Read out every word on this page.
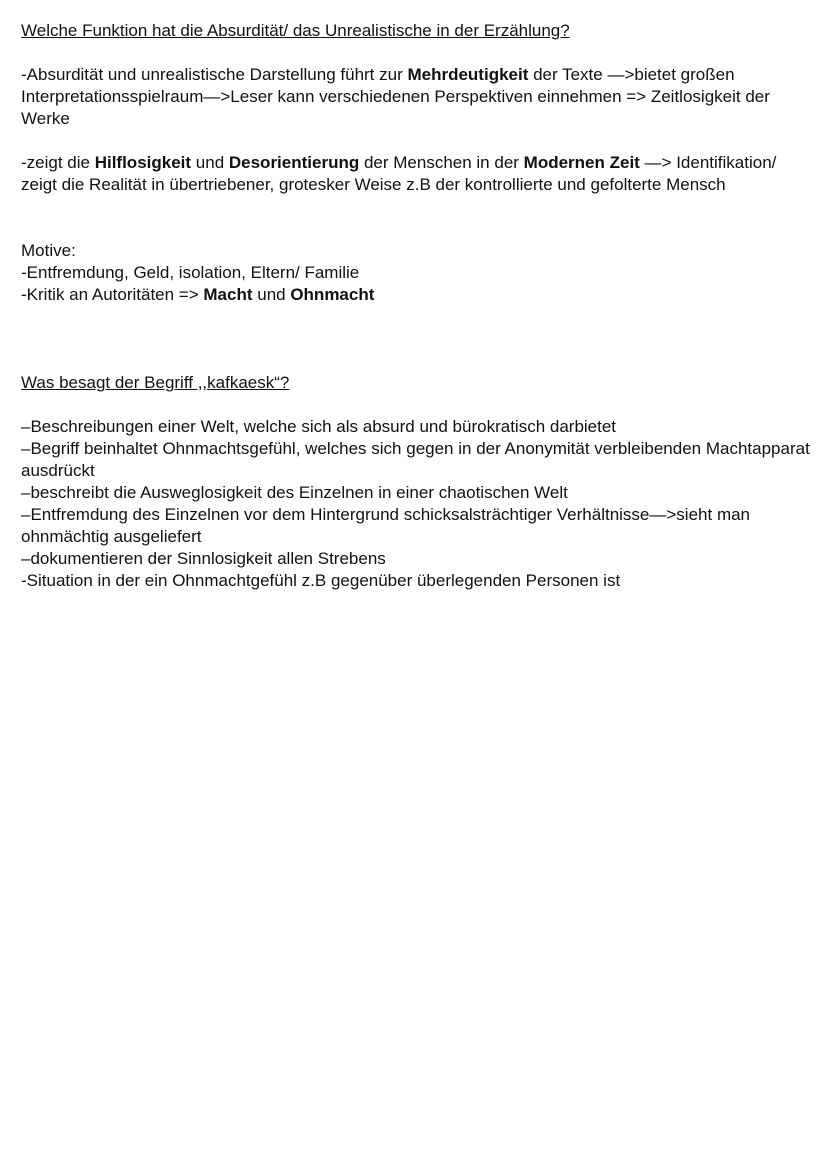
Welche Funktion hat die Absurdität/ das Unrealistische in der Erzählung?

-Absurdität und unrealistische Darstellung führt zur Mehrdeutigkeit der Texte —>bietet großen Interpretationsspielraum—>Leser kann verschiedenen Perspektiven einnehmen => Zeitlosigkeit der Werke

-zeigt die Hilflosigkeit und Desorientierung der Menschen in der Modernen Zeit —> Identifikation/ zeigt die Realität in übertriebener, grotesker Weise z.B der kontrollierte und gefolterte Mensch

Motive:

-Entfremdung, Geld, isolation, Eltern/ Familie

-Kritik an Autoritäten => Macht und Ohnmacht

Was besagt der Begriff ,,kafkaesk“?

–Beschreibungen einer Welt, welche sich als absurd und bürokratisch darbietet

–Begriff beinhaltet Ohnmachtsgefühl, welches sich gegen in der Anonymität verbleibenden Machtapparat ausdrückt

–beschreibt die Ausweglosigkeit des Einzelnen in einer chaotischen Welt

–Entfremdung des Einzelnen vor dem Hintergrund schicksalsträchtiger Verhältnisse—>sieht man ohnmächtig ausgeliefert

–dokumentieren der Sinnlosigkeit allen Strebens

-Situation in der ein Ohnmachtgefühl z.B gegenüber überlegenden Personen ist
